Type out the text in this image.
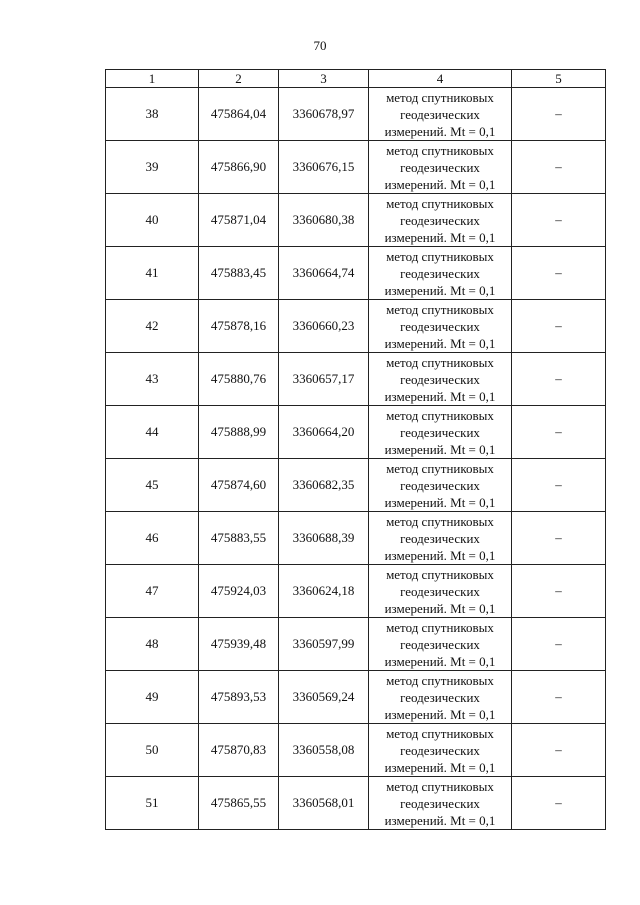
70
1	2	3	4	5
38	475864,04	3360678,97	метод спутниковых
геодезических
измерений. Mt = 0,1	–
39	475866,90	3360676,15	метод спутниковых
геодезических
измерений. Mt = 0,1	–
40	475871,04	3360680,38	метод спутниковых
геодезических
измерений. Mt = 0,1	–
41	475883,45	3360664,74	метод спутниковых
геодезических
измерений. Mt = 0,1	–
42	475878,16	3360660,23	метод спутниковых
геодезических
измерений. Mt = 0,1	–
43	475880,76	3360657,17	метод спутниковых
геодезических
измерений. Mt = 0,1	–
44	475888,99	3360664,20	метод спутниковых
геодезических
измерений. Mt = 0,1	–
45	475874,60	3360682,35	метод спутниковых
геодезических
измерений. Mt = 0,1	–
46	475883,55	3360688,39	метод спутниковых
геодезических
измерений. Mt = 0,1	–
47	475924,03	3360624,18	метод спутниковых
геодезических
измерений. Mt = 0,1	–
48	475939,48	3360597,99	метод спутниковых
геодезических
измерений. Mt = 0,1	–
49	475893,53	3360569,24	метод спутниковых
геодезических
измерений. Mt = 0,1	–
50	475870,83	3360558,08	метод спутниковых
геодезических
измерений. Mt = 0,1	–
51	475865,55	3360568,01	метод спутниковых
геодезических
измерений. Mt = 0,1	–
